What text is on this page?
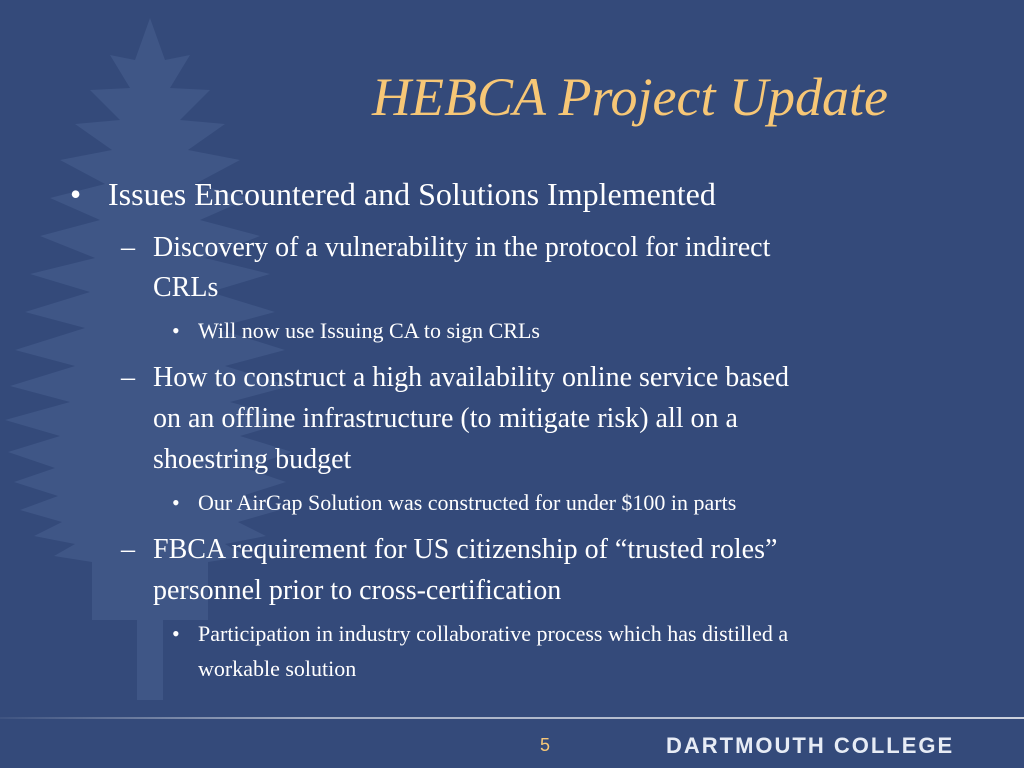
HEBCA Project Update
• Issues Encountered and Solutions Implemented
– Discovery of a vulnerability in the protocol for indirect
CRLs
• Will now use Issuing CA to sign CRLs
– How to construct a high availability online service based
on an offline infrastructure (to mitigate risk) all on a
shoestring budget
• Our AirGap Solution was constructed for under $100 in parts
– FBCA requirement for US citizenship of “trusted roles”
personnel prior to cross-certification
• Participation in industry collaborative process which has distilled a
workable solution
5	DARTMOUTH COLLEGE
